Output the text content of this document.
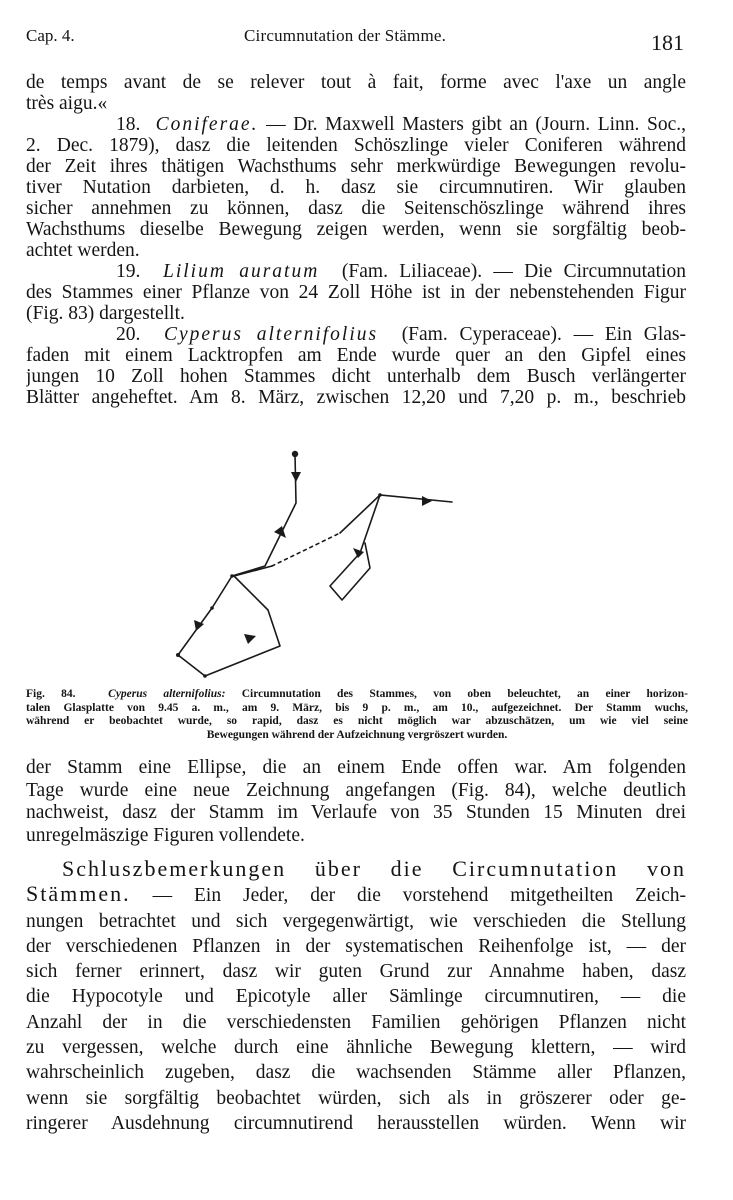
Cap. 4.	Circumnutation der Stämme.	181
de temps avant de se relever tout à fait, forme avec l'axe un angle
très aigu.«
18. Coniferae. — Dr. Maxwell Masters gibt an (Journ. Linn. Soc.,
2. Dec. 1879), dasz die leitenden Schöszlinge vieler Coniferen während
der Zeit ihres thätigen Wachsthums sehr merkwürdige Bewegungen revolu-
tiver Nutation darbieten, d. h. dasz sie circumnutiren. Wir glauben
sicher annehmen zu können, dasz die Seitenschöszlinge während ihres
Wachsthums dieselbe Bewegung zeigen werden, wenn sie sorgfältig beob-
achtet werden.
19. Lilium auratum (Fam. Liliaceae). — Die Circumnutation
des Stammes einer Pflanze von 24 Zoll Höhe ist in der nebenstehenden Figur
(Fig. 83) dargestellt.
20. Cyperus alternifolius (Fam. Cyperaceae). — Ein Glas-
faden mit einem Lacktropfen am Ende wurde quer an den Gipfel eines
jungen 10 Zoll hohen Stammes dicht unterhalb dem Busch verlängerter
Blätter angeheftet. Am 8. März, zwischen 12,20 und 7,20 p. m., beschrieb
Fig. 84.	Cyperus alternifolius: Circumnutation des Stammes, von oben beleuchtet, an einer horizon-
talen Glasplatte von 9.45 a. m., am 9. März, bis 9 p. m., am 10., aufgezeichnet. Der Stamm wuchs,
während er beobachtet wurde, so rapid, dasz es nicht möglich war abzuschätzen, um wie viel seine
Bewegungen während der Aufzeichnung vergröszert wurden.
der Stamm eine Ellipse, die an einem Ende offen war. Am folgenden
Tage wurde eine neue Zeichnung angefangen (Fig. 84), welche deutlich
nachweist, dasz der Stamm im Verlaufe von 35 Stunden 15 Minuten drei
unregelmäszige Figuren vollendete.
Schluszbemerkungen über die Circumnutation von
Stämmen. — Ein Jeder, der die vorstehend mitgetheilten Zeich-
nungen betrachtet und sich vergegenwärtigt, wie verschieden die Stellung
der verschiedenen Pflanzen in der systematischen Reihenfolge ist, — der
sich ferner erinnert, dasz wir guten Grund zur Annahme haben, dasz
die Hypocotyle und Epicotyle aller Sämlinge circumnutiren, — die
Anzahl der in die verschiedensten Familien gehörigen Pflanzen nicht
zu vergessen, welche durch eine ähnliche Bewegung klettern, — wird
wahrscheinlich zugeben, dasz die wachsenden Stämme aller Pflanzen,
wenn sie sorgfältig beobachtet würden, sich als in gröszerer oder ge-
ringerer Ausdehnung circumnutirend herausstellen würden. Wenn wir
